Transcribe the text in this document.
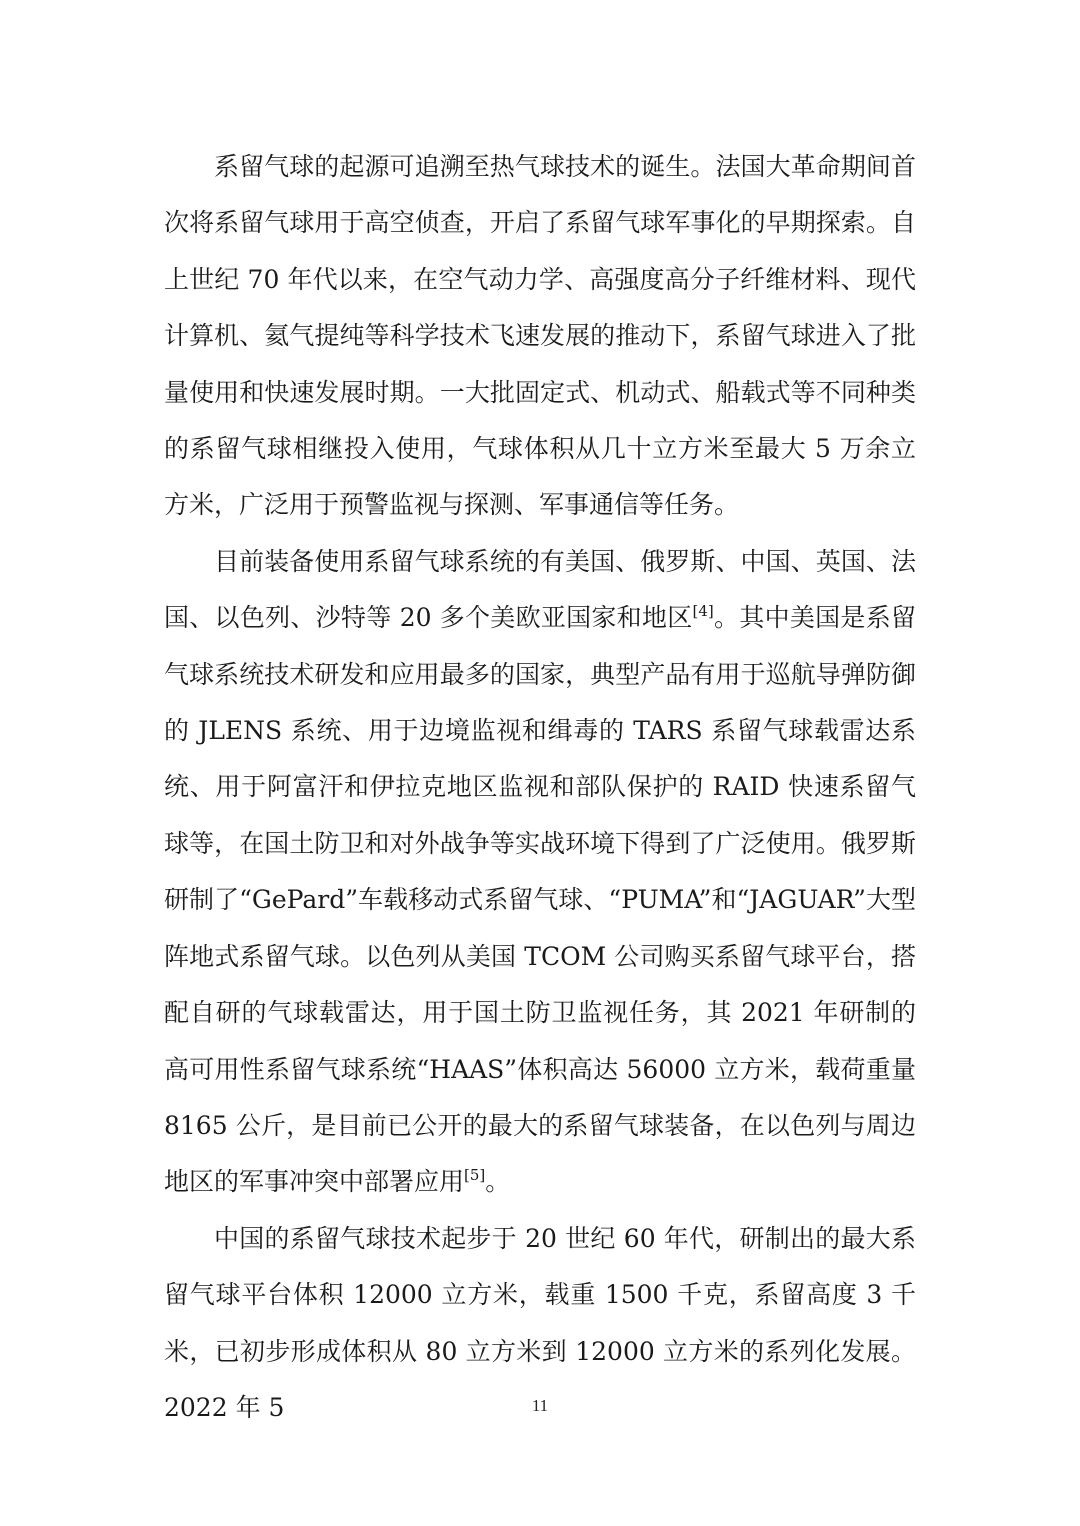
系留气球的起源可追溯至热气球技术的诞生。法国大革命期间首次将系留气球用于高空侦查，开启了系留气球军事化的早期探索。自上世纪 70 年代以来，在空气动力学、高强度高分子纤维材料、现代计算机、氦气提纯等科学技术飞速发展的推动下，系留气球进入了批量使用和快速发展时期。一大批固定式、机动式、船载式等不同种类的系留气球相继投入使用，气球体积从几十立方米至最大 5 万余立方米，广泛用于预警监视与探测、军事通信等任务。

目前装备使用系留气球系统的有美国、俄罗斯、中国、英国、法国、以色列、沙特等 20 多个美欧亚国家和地区[4]。其中美国是系留气球系统技术研发和应用最多的国家，典型产品有用于巡航导弹防御的 JLENS 系统、用于边境监视和缉毒的 TARS 系留气球载雷达系统、用于阿富汗和伊拉克地区监视和部队保护的 RAID 快速系留气球等，在国土防卫和对外战争等实战环境下得到了广泛使用。俄罗斯研制了“GePard”车载移动式系留气球、“PUMA”和“JAGUAR”大型阵地式系留气球。以色列从美国 TCOM 公司购买系留气球平台，搭配自研的气球载雷达，用于国土防卫监视任务，其 2021 年研制的高可用性系留气球系统“HAAS”体积高达 56000 立方米，载荷重量 8165 公斤，是目前已公开的最大的系留气球装备，在以色列与周边地区的军事冲突中部署应用[5]。

中国的系留气球技术起步于 20 世纪 60 年代，研制出的最大系留气球平台体积 12000 立方米，载重 1500 千克，系留高度 3 千米，已初步形成体积从 80 立方米到 12000 立方米的系列化发展。2022 年 5	11
